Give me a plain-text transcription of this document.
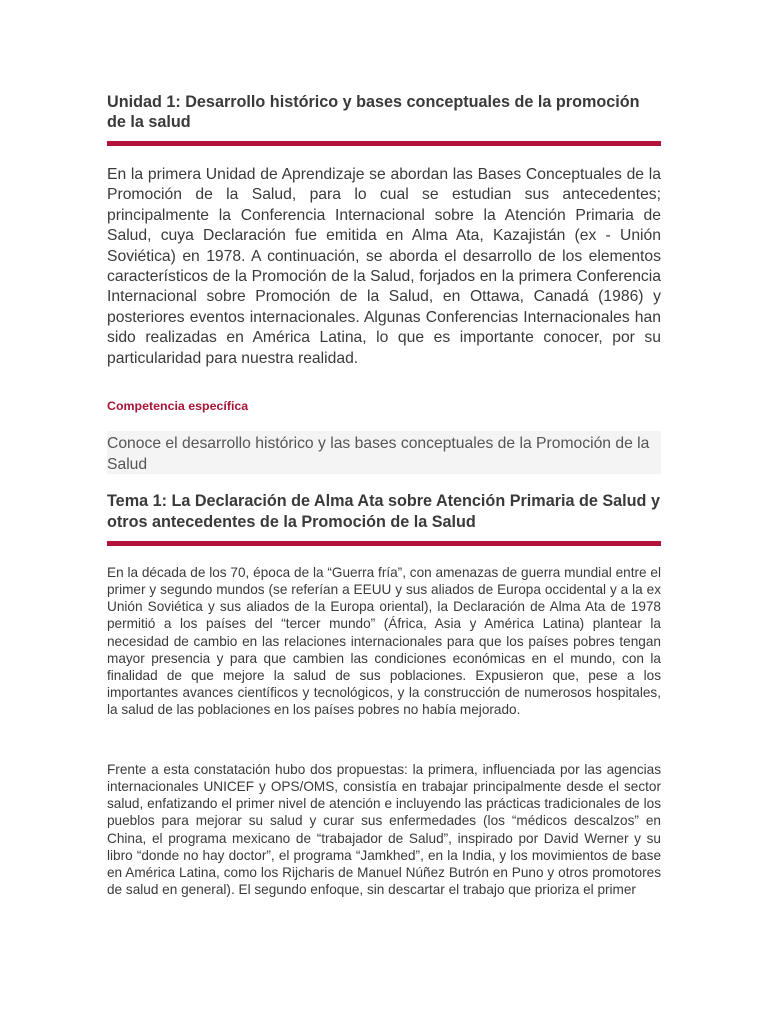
Unidad 1: Desarrollo histórico y bases conceptuales de la promoción de la salud

En la primera Unidad de Aprendizaje se abordan las Bases Conceptuales de la Promoción de la Salud, para lo cual se estudian sus antecedentes; principalmente la Conferencia Internacional sobre la Atención Primaria de Salud, cuya Declaración fue emitida en Alma Ata, Kazajistán (ex - Unión Soviética) en 1978. A continuación, se aborda el desarrollo de los elementos característicos de la Promoción de la Salud, forjados en la primera Conferencia Internacional sobre Promoción de la Salud, en Ottawa, Canadá (1986) y posteriores eventos internacionales. Algunas Conferencias Internacionales han sido realizadas en América Latina, lo que es importante conocer, por su particularidad para nuestra realidad.

Competencia específica

Conoce el desarrollo histórico y las bases conceptuales de la Promoción de la Salud

Tema 1: La Declaración de Alma Ata sobre Atención Primaria de Salud y otros antecedentes de la Promoción de la Salud

En la década de los 70, época de la “Guerra fría”, con amenazas de guerra mundial entre el primer y segundo mundos (se referían a EEUU y sus aliados de Europa occidental y a la ex Unión Soviética y sus aliados de la Europa oriental), la Declaración de Alma Ata de 1978 permitió a los países del “tercer mundo” (África, Asia y América Latina) plantear la necesidad de cambio en las relaciones internacionales para que los países pobres tengan mayor presencia y para que cambien las condiciones económicas en el mundo, con la finalidad de que mejore la salud de sus poblaciones. Expusieron que, pese a los importantes avances científicos y tecnológicos, y la construcción de numerosos hospitales, la salud de las poblaciones en los países pobres no había mejorado.

Frente a esta constatación hubo dos propuestas: la primera, influenciada por las agencias internacionales UNICEF y OPS/OMS, consistía en trabajar principalmente desde el sector salud, enfatizando el primer nivel de atención e incluyendo las prácticas tradicionales de los pueblos para mejorar su salud y curar sus enfermedades (los “médicos descalzos” en China, el programa mexicano de “trabajador de Salud”, inspirado por David Werner y su libro “donde no hay doctor”, el programa “Jamkhed”, en la India, y los movimientos de base en América Latina, como los Rijcharis de Manuel Núñez Butrón en Puno y otros promotores de salud en general). El segundo enfoque, sin descartar el trabajo que prioriza el primer
